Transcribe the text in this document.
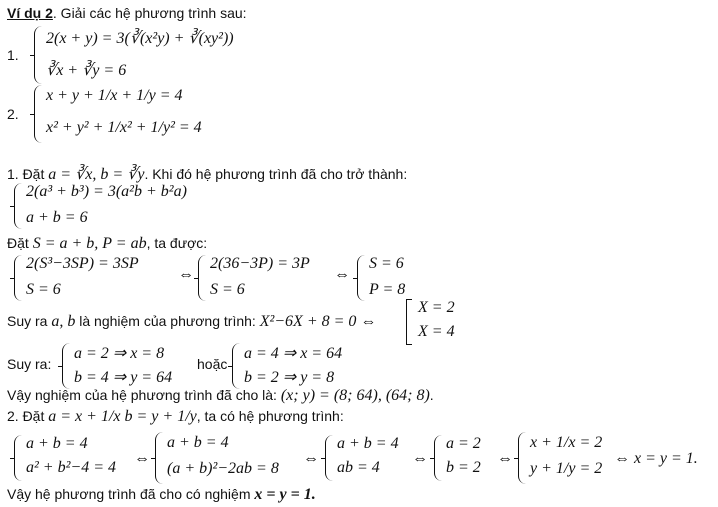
Ví dụ 2. Giải các hệ phương trình sau:
1.
2(x + y) = 3(∛(x²y) + ∛(xy²))
∛x + ∛y = 6
2.
x + y + 1/x + 1/y = 4
x² + y² + 1/x² + 1/y² = 4
1. Đặt a = ∛x, b = ∛y. Khi đó hệ phương trình đã cho trở thành:
2(a³ + b³) = 3(a²b + b²a)
a + b = 6
Đặt S = a + b, P = ab, ta được:
2(S³−3SP) = 3SP
S = 6
⇔
2(36−3P) = 3P
S = 6
⇔
S = 6
P = 8
Suy ra a, b là nghiệm của phương trình: X²−6X + 8 = 0 ⇔
X = 2
X = 4
Suy ra:
a = 2 ⇒ x = 8
b = 4 ⇒ y = 64
hoặc
a = 4 ⇒ x = 64
b = 2 ⇒ y = 8
Vậy nghiệm của hệ phương trình đã cho là: (x; y) = (8; 64), (64; 8).
2. Đặt a = x + 1/x b = y + 1/y, ta có hệ phương trình:
a + b = 4
a² + b²−4 = 4
⇔
a + b = 4
(a + b)²−2ab = 8
⇔
a + b = 4
ab = 4
⇔
a = 2
b = 2
⇔
x + 1/x = 2
y + 1/y = 2
⇔ x = y = 1.
Vậy hệ phương trình đã cho có nghiệm x = y = 1.
